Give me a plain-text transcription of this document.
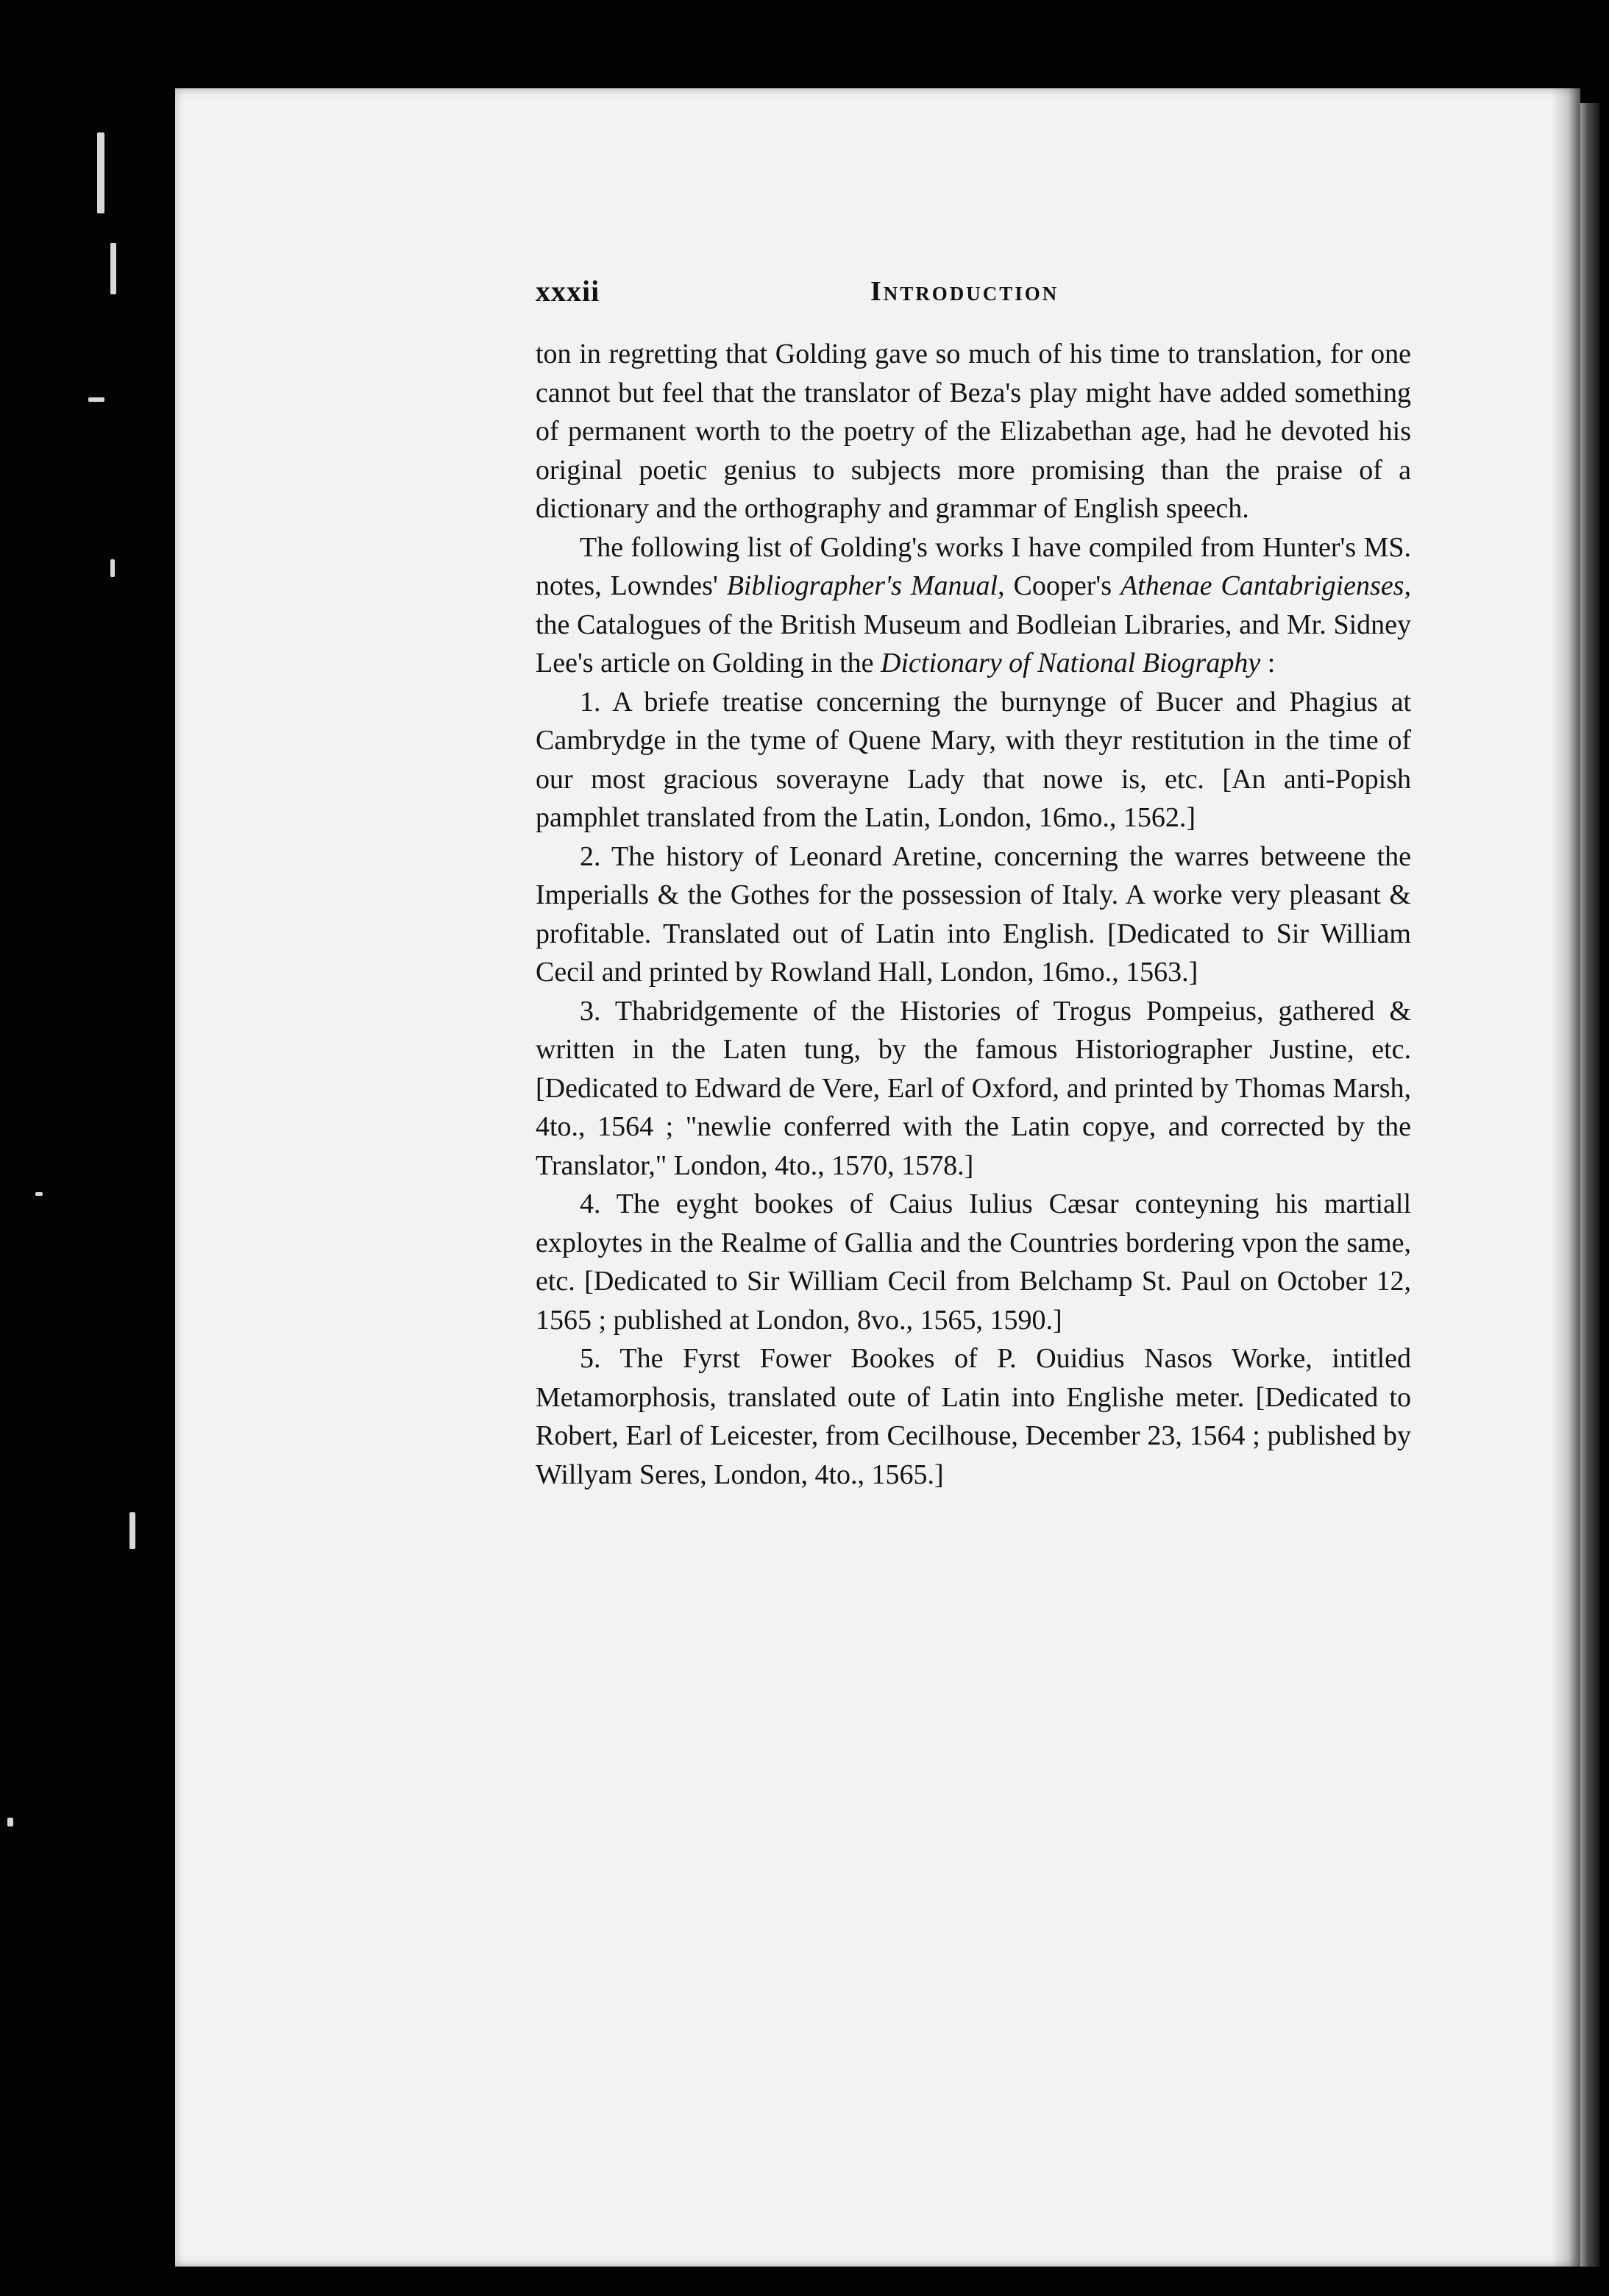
xxxii	Introduction

ton in regretting that Golding gave so much of his time to translation, for one cannot but feel that the translator of Beza's play might have added something of permanent worth to the poetry of the Elizabethan age, had he devoted his original poetic genius to subjects more promising than the praise of a dictionary and the orthography and grammar of English speech.

The following list of Golding's works I have compiled from Hunter's MS. notes, Lowndes' Bibliographer's Manual, Cooper's Athenae Cantabrigienses, the Catalogues of the British Museum and Bodleian Libraries, and Mr. Sidney Lee's article on Golding in the Dictionary of National Biography :

1. A briefe treatise concerning the burnynge of Bucer and Phagius at Cambrydge in the tyme of Quene Mary, with theyr restitution in the time of our most gracious soverayne Lady that nowe is, etc. [An anti-Popish pamphlet translated from the Latin, London, 16mo., 1562.]

2. The history of Leonard Aretine, concerning the warres betweene the Imperialls & the Gothes for the possession of Italy. A worke very pleasant & profitable. Translated out of Latin into English. [Dedicated to Sir William Cecil and printed by Rowland Hall, London, 16mo., 1563.]

3. Thabridgemente of the Histories of Trogus Pompeius, gathered & written in the Laten tung, by the famous Historiographer Justine, etc. [Dedicated to Edward de Vere, Earl of Oxford, and printed by Thomas Marsh, 4to., 1564 ; "newlie conferred with the Latin copye, and corrected by the Translator," London, 4to., 1570, 1578.]

4. The eyght bookes of Caius Iulius Cæsar conteyning his martiall exploytes in the Realme of Gallia and the Countries bordering vpon the same, etc. [Dedicated to Sir William Cecil from Belchamp St. Paul on October 12, 1565 ; published at London, 8vo., 1565, 1590.]

5. The Fyrst Fower Bookes of P. Ouidius Nasos Worke, intitled Metamorphosis, translated oute of Latin into Englishe meter. [Dedicated to Robert, Earl of Leicester, from Cecilhouse, December 23, 1564 ; published by Willyam Seres, London, 4to., 1565.]
